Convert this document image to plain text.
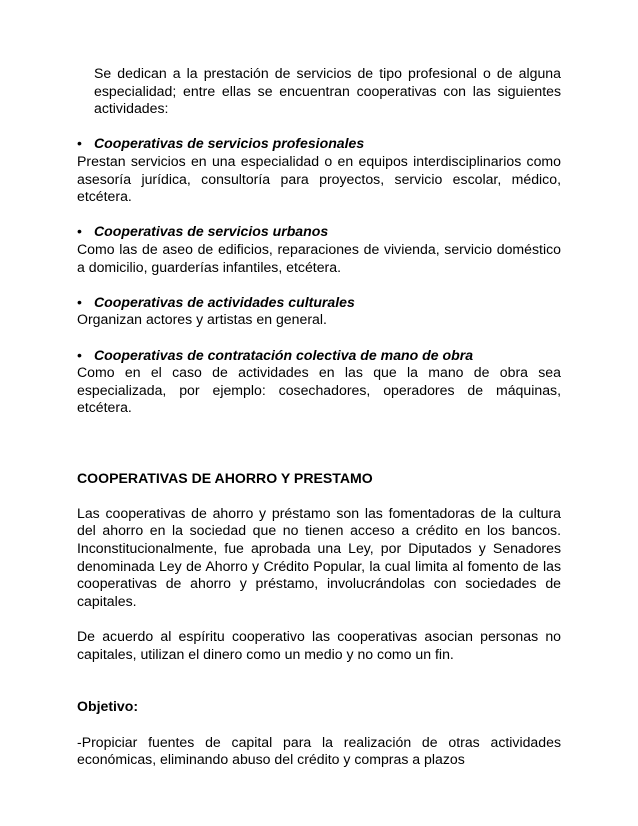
Se dedican a la prestación de servicios de tipo profesional o de alguna especialidad; entre ellas se encuentran cooperativas con las siguientes actividades:

• Cooperativas de servicios profesionales

Prestan servicios en una especialidad o en equipos interdisciplinarios como asesoría jurídica, consultoría para proyectos, servicio escolar, médico, etcétera.

• Cooperativas de servicios urbanos

Como las de aseo de edificios, reparaciones de vivienda, servicio doméstico a domicilio, guarderías infantiles, etcétera.

• Cooperativas de actividades culturales

Organizan actores y artistas en general.

• Cooperativas de contratación colectiva de mano de obra

Como en el caso de actividades en las que la mano de obra sea especializada, por ejemplo: cosechadores, operadores de máquinas, etcétera.

COOPERATIVAS DE AHORRO Y PRESTAMO

Las cooperativas de ahorro y préstamo son las fomentadoras de la cultura del ahorro en la sociedad que no tienen acceso a crédito en los bancos. Inconstitucionalmente, fue aprobada una Ley, por Diputados y Senadores denominada Ley de Ahorro y Crédito Popular, la cual limita al fomento de las cooperativas de ahorro y préstamo, involucrándolas con sociedades de capitales.

De acuerdo al espíritu cooperativo las cooperativas asocian personas no capitales, utilizan el dinero como un medio y no como un fin.

Objetivo:

-Propiciar fuentes de capital para la realización de otras actividades económicas, eliminando abuso del crédito y compras a plazos
